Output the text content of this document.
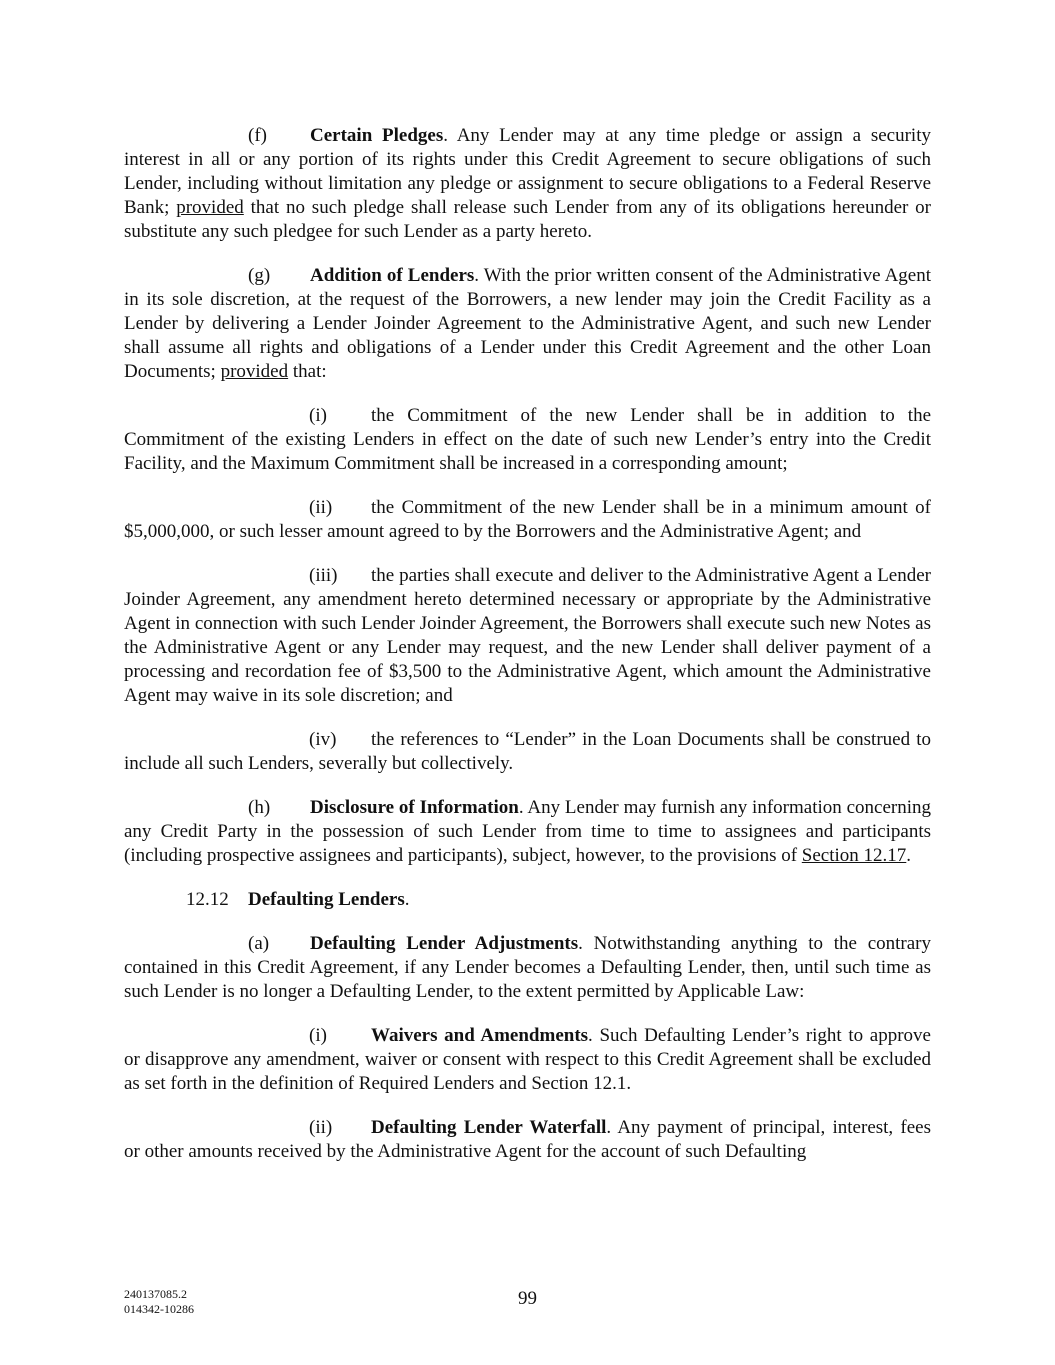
(f) Certain Pledges. Any Lender may at any time pledge or assign a security interest in all or any portion of its rights under this Credit Agreement to secure obligations of such Lender, including without limitation any pledge or assignment to secure obligations to a Federal Reserve Bank; provided that no such pledge shall release such Lender from any of its obligations hereunder or substitute any such pledgee for such Lender as a party hereto.

(g) Addition of Lenders. With the prior written consent of the Administrative Agent in its sole discretion, at the request of the Borrowers, a new lender may join the Credit Facility as a Lender by delivering a Lender Joinder Agreement to the Administrative Agent, and such new Lender shall assume all rights and obligations of a Lender under this Credit Agreement and the other Loan Documents; provided that:

(i) the Commitment of the new Lender shall be in addition to the Commitment of the existing Lenders in effect on the date of such new Lender’s entry into the Credit Facility, and the Maximum Commitment shall be increased in a corresponding amount;

(ii) the Commitment of the new Lender shall be in a minimum amount of $5,000,000, or such lesser amount agreed to by the Borrowers and the Administrative Agent; and

(iii) the parties shall execute and deliver to the Administrative Agent a Lender Joinder Agreement, any amendment hereto determined necessary or appropriate by the Administrative Agent in connection with such Lender Joinder Agreement, the Borrowers shall execute such new Notes as the Administrative Agent or any Lender may request, and the new Lender shall deliver payment of a processing and recordation fee of $3,500 to the Administrative Agent, which amount the Administrative Agent may waive in its sole discretion; and

(iv) the references to “Lender” in the Loan Documents shall be construed to include all such Lenders, severally but collectively.

(h) Disclosure of Information. Any Lender may furnish any information concerning any Credit Party in the possession of such Lender from time to time to assignees and participants (including prospective assignees and participants), subject, however, to the provisions of Section 12.17.

12.12 Defaulting Lenders.

(a) Defaulting Lender Adjustments. Notwithstanding anything to the contrary contained in this Credit Agreement, if any Lender becomes a Defaulting Lender, then, until such time as such Lender is no longer a Defaulting Lender, to the extent permitted by Applicable Law:

(i) Waivers and Amendments. Such Defaulting Lender’s right to approve or disapprove any amendment, waiver or consent with respect to this Credit Agreement shall be excluded as set forth in the definition of Required Lenders and Section 12.1.

(ii) Defaulting Lender Waterfall. Any payment of principal, interest, fees or other amounts received by the Administrative Agent for the account of such Defaulting

240137085.2
014342-10286	99
